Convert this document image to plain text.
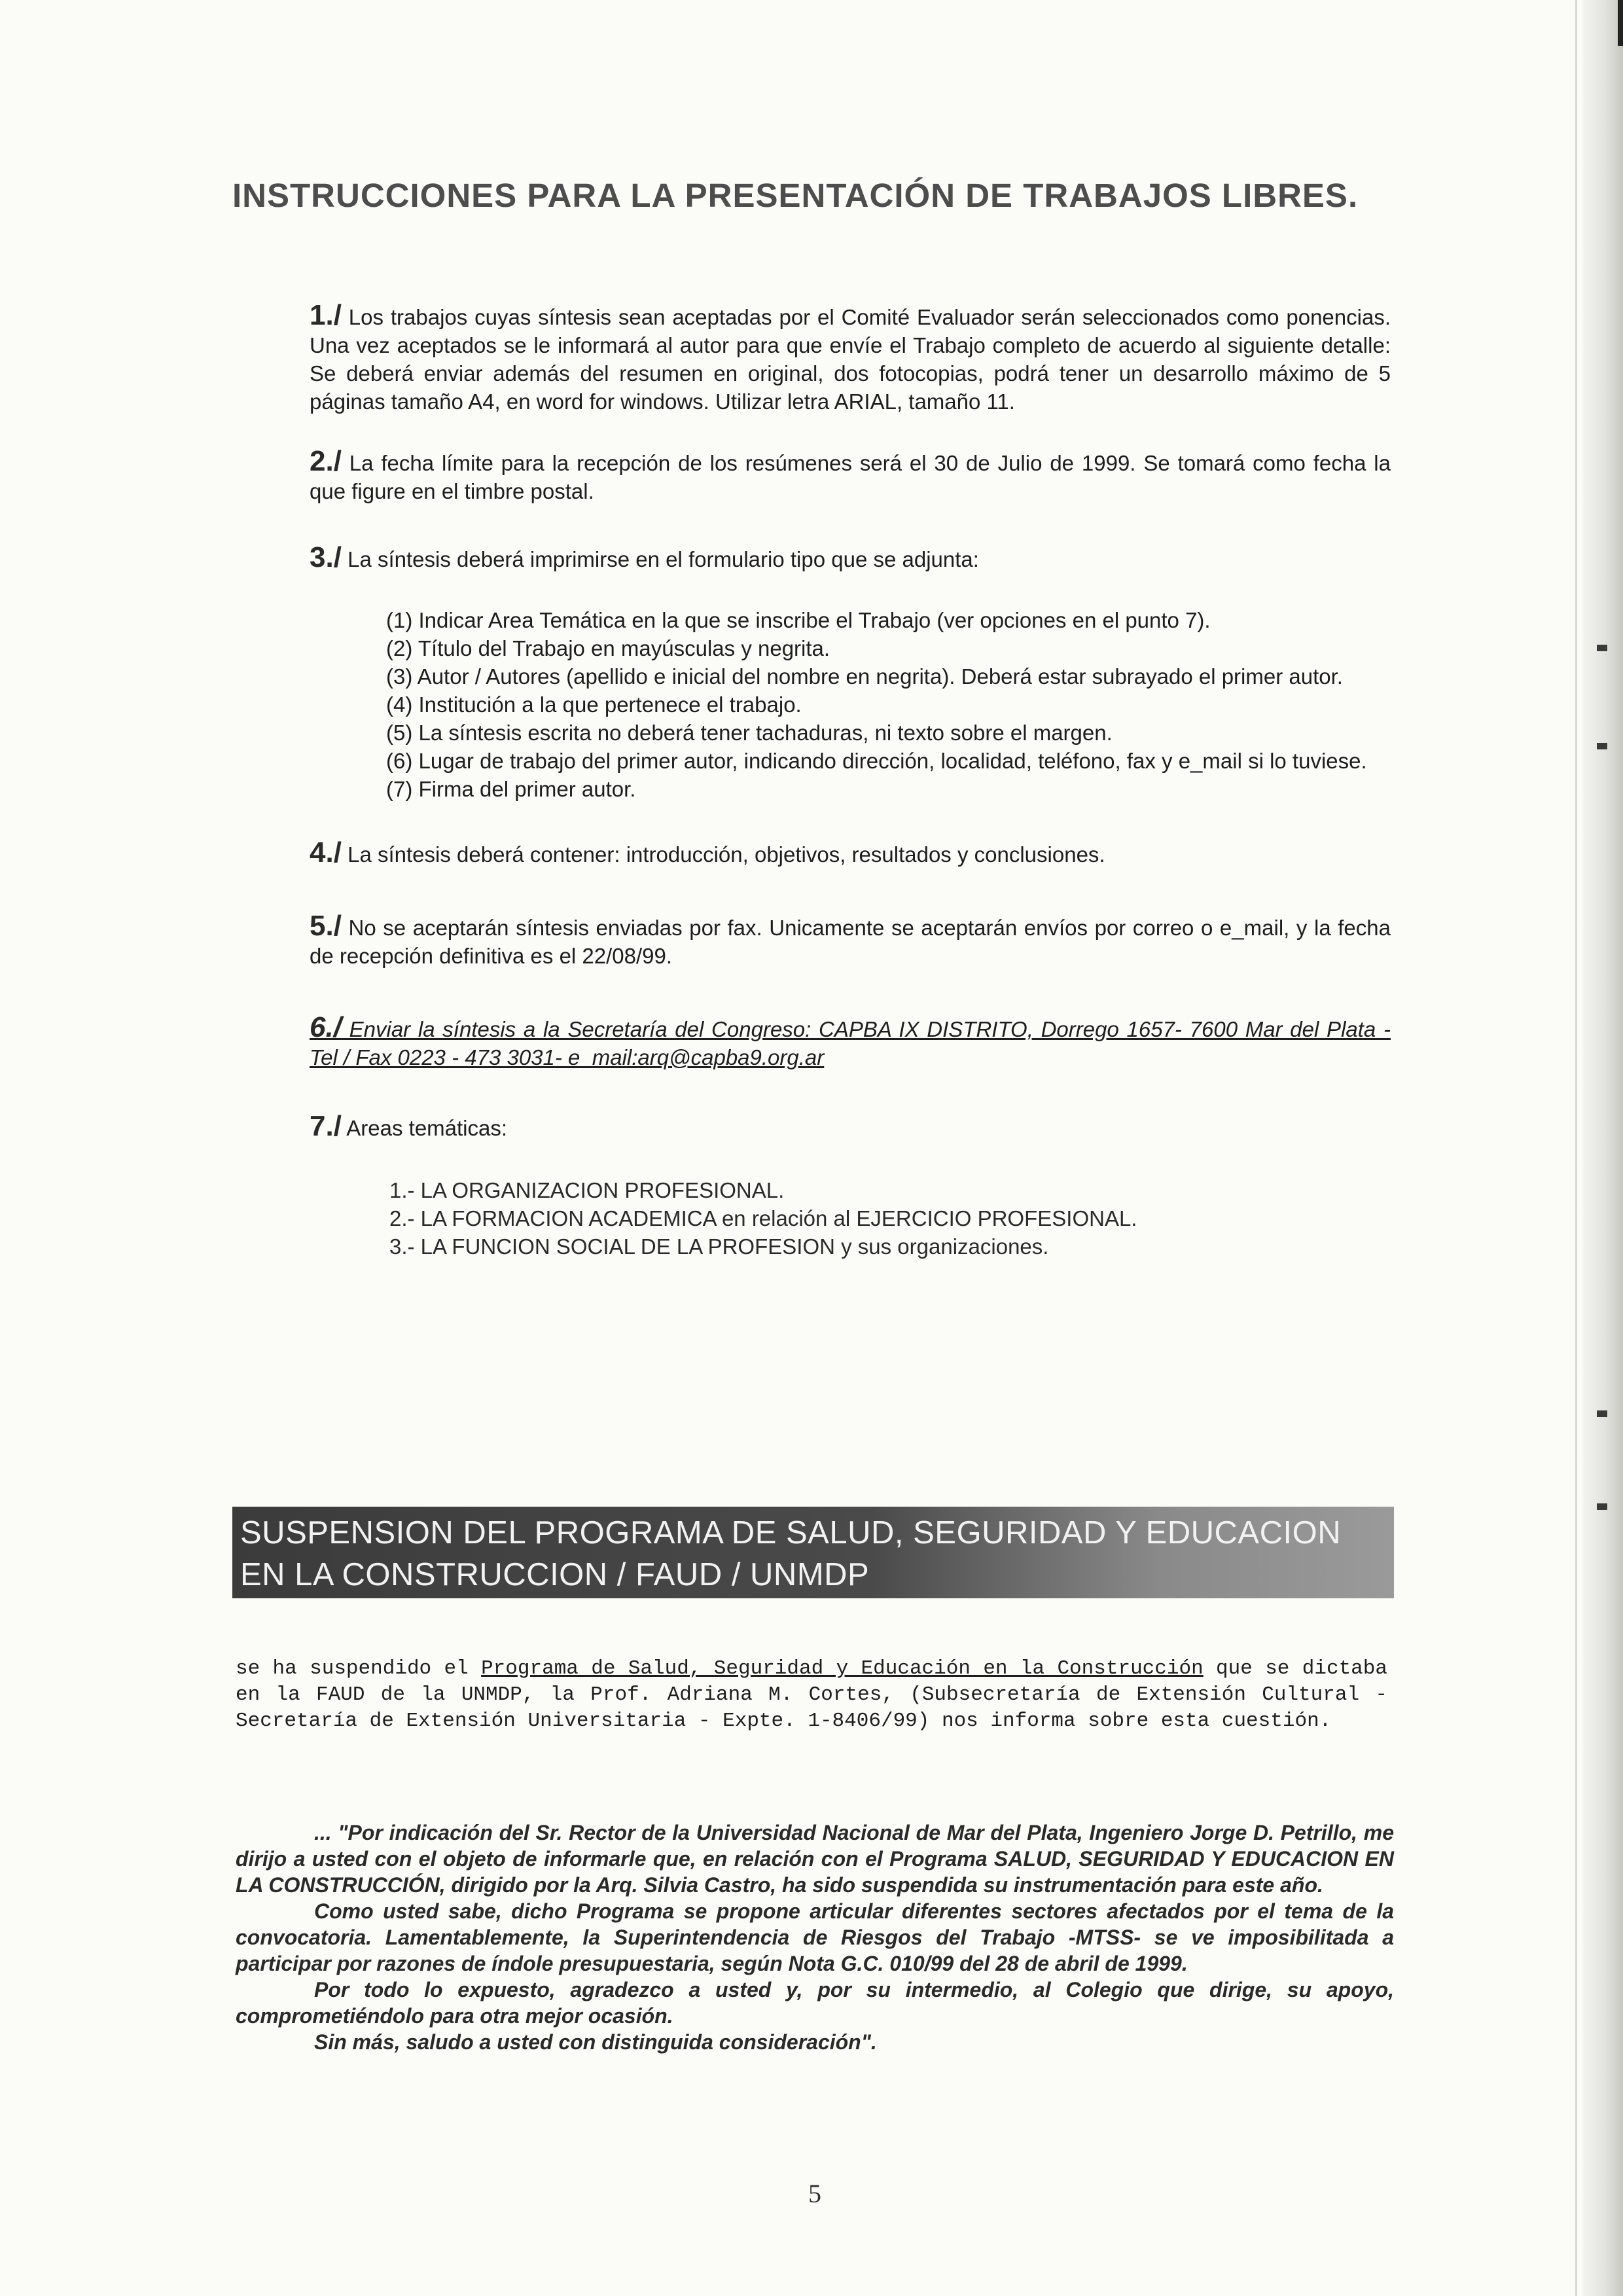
INSTRUCCIONES PARA LA PRESENTACIÓN DE TRABAJOS LIBRES.

1./ Los trabajos cuyas síntesis sean aceptadas por el Comité Evaluador serán seleccionados como ponencias. Una vez aceptados se le informará al autor para que envíe el Trabajo completo de acuerdo al siguiente detalle: Se deberá enviar además del resumen en original, dos fotocopias, podrá tener un desarrollo máximo de 5 páginas tamaño A4, en word for windows. Utilizar letra ARIAL, tamaño 11.

2./ La fecha límite para la recepción de los resúmenes será el 30 de Julio de 1999. Se tomará como fecha la que figure en el timbre postal.

3./ La síntesis deberá imprimirse en el formulario tipo que se adjunta:

(1) Indicar Area Temática en la que se inscribe el Trabajo (ver opciones en el punto 7).
(2) Título del Trabajo en mayúsculas y negrita.
(3) Autor / Autores (apellido e inicial del nombre en negrita). Deberá estar subrayado el primer autor.
(4) Institución a la que pertenece el trabajo.
(5) La síntesis escrita no deberá tener tachaduras, ni texto sobre el margen.
(6) Lugar de trabajo del primer autor, indicando dirección, localidad, teléfono, fax y e_mail si lo tuviese.
(7) Firma del primer autor.

4./ La síntesis deberá contener: introducción, objetivos, resultados y conclusiones.

5./ No se aceptarán síntesis enviadas por fax. Unicamente se aceptarán envíos por correo o e_mail, y la fecha de recepción definitiva es el 22/08/99.

6./ Enviar la síntesis a la Secretaría del Congreso: CAPBA IX DISTRITO, Dorrego 1657- 7600 Mar del Plata - Tel / Fax 0223 - 473 3031- e_mail:arq@capba9.org.ar

7./ Areas temáticas:

1.- LA ORGANIZACION PROFESIONAL.
2.- LA FORMACION ACADEMICA en relación al EJERCICIO PROFESIONAL.
3.- LA FUNCION SOCIAL DE LA PROFESION y sus organizaciones.
SUSPENSION DEL PROGRAMA DE SALUD, SEGURIDAD Y EDUCACION EN LA CONSTRUCCION / FAUD / UNMDP

se ha suspendido el Programa de Salud, Seguridad y Educación en la Construcción que se dictaba en la FAUD de la UNMDP, la Prof. Adriana M. Cortes, (Subsecretaría de Extensión Cultural - Secretaría de Extensión Universitaria - Expte. 1-8406/99) nos informa sobre esta cuestión.

... "Por indicación del Sr. Rector de la Universidad Nacional de Mar del Plata, Ingeniero Jorge D. Petrillo, me dirijo a usted con el objeto de informarle que, en relación con el Programa SALUD, SEGURIDAD Y EDUCACION EN LA CONSTRUCCIÓN, dirigido por la Arq. Silvia Castro, ha sido suspendida su instrumentación para este año.

Como usted sabe, dicho Programa se propone articular diferentes sectores afectados por el tema de la convocatoria. Lamentablemente, la Superintendencia de Riesgos del Trabajo -MTSS- se ve imposibilitada a participar por razones de índole presupuestaria, según Nota G.C. 010/99 del 28 de abril de 1999.

Por todo lo expuesto, agradezco a usted y, por su intermedio, al Colegio que dirige, su apoyo, comprometiéndolo para otra mejor ocasión.

Sin más, saludo a usted con distinguida consideración".

5
